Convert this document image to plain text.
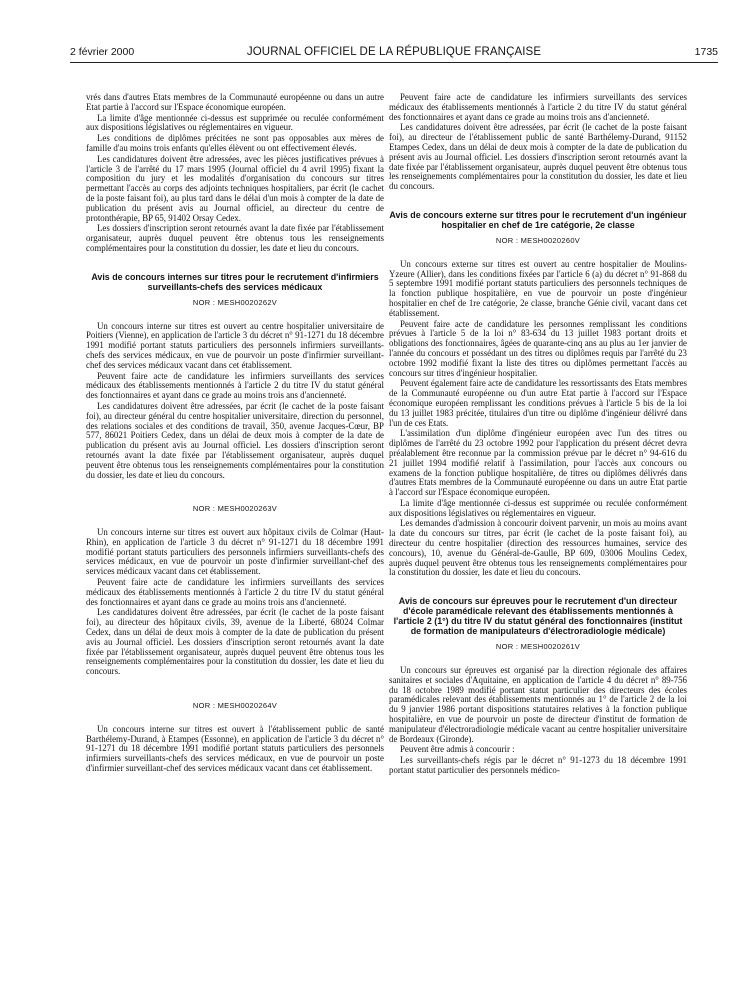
2 février 2000	JOURNAL OFFICIEL DE LA RÉPUBLIQUE FRANÇAISE	1735

vrés dans d'autres Etats membres de la Communauté européenne ou dans un autre Etat partie à l'accord sur l'Espace économique européen.

La limite d'âge mentionnée ci-dessus est supprimée ou reculée conformément aux dispositions législatives ou réglementaires en vigueur.

Les conditions de diplômes précitées ne sont pas opposables aux mères de famille d'au moins trois enfants qu'elles élèvent ou ont effectivement élevés.

Les candidatures doivent être adressées, avec les pièces justificatives prévues à l'article 3 de l'arrêté du 17 mars 1995 (Journal officiel du 4 avril 1995) fixant la composition du jury et les modalités d'organisation du concours sur titres permettant l'accès au corps des adjoints techniques hospitaliers, par écrit (le cachet de la poste faisant foi), au plus tard dans le délai d'un mois à compter de la date de publication du présent avis au Journal officiel, au directeur du centre de protonthérapie, BP 65, 91402 Orsay Cedex.

Les dossiers d'inscription seront retournés avant la date fixée par l'établissement organisateur, auprès duquel peuvent être obtenus tous les renseignements complémentaires pour la constitution du dossier, les date et lieu du concours.

Avis de concours internes sur titres pour le recrutement d'infirmiers surveillants-chefs des services médicaux
NOR : MESH0020262V

Un concours interne sur titres est ouvert au centre hospitalier universitaire de Poitiers (Vienne), en application de l'article 3 du décret n° 91-1271 du 18 décembre 1991 modifié portant statuts particuliers des personnels infirmiers surveillants-chefs des services médicaux, en vue de pourvoir un poste d'infirmier surveillant-chef des services médicaux vacant dans cet établissement.

Peuvent faire acte de candidature les infirmiers surveillants des services médicaux des établissements mentionnés à l'article 2 du titre IV du statut général des fonctionnaires et ayant dans ce grade au moins trois ans d'ancienneté.

Les candidatures doivent être adressées, par écrit (le cachet de la poste faisant foi), au directeur général du centre hospitalier universitaire, direction du personnel, des relations sociales et des conditions de travail, 350, avenue Jacques-Cœur, BP 577, 86021 Poitiers Cedex, dans un délai de deux mois à compter de la date de publication du présent avis au Journal officiel. Les dossiers d'inscription seront retournés avant la date fixée par l'établissement organisateur, auprès duquel peuvent être obtenus tous les renseignements complémentaires pour la constitution du dossier, les date et lieu du concours.

NOR : MESH0020263V

Un concours interne sur titres est ouvert aux hôpitaux civils de Colmar (Haut-Rhin), en application de l'article 3 du décret n° 91-1271 du 18 décembre 1991 modifié portant statuts particuliers des personnels infirmiers surveillants-chefs des services médicaux, en vue de pourvoir un poste d'infirmier surveillant-chef des services médicaux vacant dans cet établissement.

Peuvent faire acte de candidature les infirmiers surveillants des services médicaux des établissements mentionnés à l'article 2 du titre IV du statut général des fonctionnaires et ayant dans ce grade au moins trois ans d'ancienneté.

Les candidatures doivent être adressées, par écrit (le cachet de la poste faisant foi), au directeur des hôpitaux civils, 39, avenue de la Liberté, 68024 Colmar Cedex, dans un délai de deux mois à compter de la date de publication du présent avis au Journal officiel. Les dossiers d'inscription seront retournés avant la date fixée par l'établissement organisateur, auprès duquel peuvent être obtenus tous les renseignements complémentaires pour la constitution du dossier, les date et lieu du concours.

NOR : MESH0020264V

Un concours interne sur titres est ouvert à l'établissement public de santé Barthélemy-Durand, à Etampes (Essonne), en application de l'article 3 du décret n° 91-1271 du 18 décembre 1991 modifié portant statuts particuliers des personnels infirmiers surveillants-chefs des services médicaux, en vue de pourvoir un poste d'infirmier surveillant-chef des services médicaux vacant dans cet établissement.

Peuvent faire acte de candidature les infirmiers surveillants des services médicaux des établissements mentionnés à l'article 2 du titre IV du statut général des fonctionnaires et ayant dans ce grade au moins trois ans d'ancienneté.

Les candidatures doivent être adressées, par écrit (le cachet de la poste faisant foi), au directeur de l'établissement public de santé Barthélemy-Durand, 91152 Etampes Cedex, dans un délai de deux mois à compter de la date de publication du présent avis au Journal officiel. Les dossiers d'inscription seront retournés avant la date fixée par l'établissement organisateur, auprès duquel peuvent être obtenus tous les renseignements complémentaires pour la constitution du dossier, les date et lieu du concours.

Avis de concours externe sur titres pour le recrutement d'un ingénieur hospitalier en chef de 1re catégorie, 2e classe
NOR : MESH0020260V

Un concours externe sur titres est ouvert au centre hospitalier de Moulins-Yzeure (Allier), dans les conditions fixées par l'article 6 (a) du décret n° 91-868 du 5 septembre 1991 modifié portant statuts particuliers des personnels techniques de la fonction publique hospitalière, en vue de pourvoir un poste d'ingénieur hospitalier en chef de 1re catégorie, 2e classe, branche Génie civil, vacant dans cet établissement.

Peuvent faire acte de candidature les personnes remplissant les conditions prévues à l'article 5 de la loi n° 83-634 du 13 juillet 1983 portant droits et obligations des fonctionnaires, âgées de quarante-cinq ans au plus au 1er janvier de l'année du concours et possédant un des titres ou diplômes requis par l'arrêté du 23 octobre 1992 modifié fixant la liste des titres ou diplômes permettant l'accès au concours sur titres d'ingénieur hospitalier.

Peuvent également faire acte de candidature les ressortissants des Etats membres de la Communauté européenne ou d'un autre Etat partie à l'accord sur l'Espace économique européen remplissant les conditions prévues à l'article 5 bis de la loi du 13 juillet 1983 précitée, titulaires d'un titre ou diplôme d'ingénieur délivré dans l'un de ces Etats.

L'assimilation d'un diplôme d'ingénieur européen avec l'un des titres ou diplômes de l'arrêté du 23 octobre 1992 pour l'application du présent décret devra préalablement être reconnue par la commission prévue par le décret n° 94-616 du 21 juillet 1994 modifié relatif à l'assimilation, pour l'accès aux concours ou examens de la fonction publique hospitalière, de titres ou diplômes délivrés dans d'autres Etats membres de la Communauté européenne ou dans un autre Etat partie à l'accord sur l'Espace économique européen.

La limite d'âge mentionnée ci-dessus est supprimée ou reculée conformément aux dispositions législatives ou réglementaires en vigueur.

Les demandes d'admission à concourir doivent parvenir, un mois au moins avant la date du concours sur titres, par écrit (le cachet de la poste faisant foi), au directeur du centre hospitalier (direction des ressources humaines, service des concours), 10, avenue du Général-de-Gaulle, BP 609, 03006 Moulins Cedex, auprès duquel peuvent être obtenus tous les renseignements complémentaires pour la constitution du dossier, les date et lieu du concours.

Avis de concours sur épreuves pour le recrutement d'un directeur d'école paramédicale relevant des établissements mentionnés à l'article 2 (1°) du titre IV du statut général des fonctionnaires (institut de formation de manipulateurs d'électroradiologie médicale)
NOR : MESH0020261V

Un concours sur épreuves est organisé par la direction régionale des affaires sanitaires et sociales d'Aquitaine, en application de l'article 4 du décret n° 89-756 du 18 octobre 1989 modifié portant statut particulier des directeurs des écoles paramédicales relevant des établissements mentionnés au 1° de l'article 2 de la loi du 9 janvier 1986 portant dispositions statutaires relatives à la fonction publique hospitalière, en vue de pourvoir un poste de directeur d'institut de formation de manipulateur d'électroradiologie médicale vacant au centre hospitalier universitaire de Bordeaux (Gironde).

Peuvent être admis à concourir :

Les surveillants-chefs régis par le décret n° 91-1273 du 18 décembre 1991 portant statut particulier des personnels médico-
